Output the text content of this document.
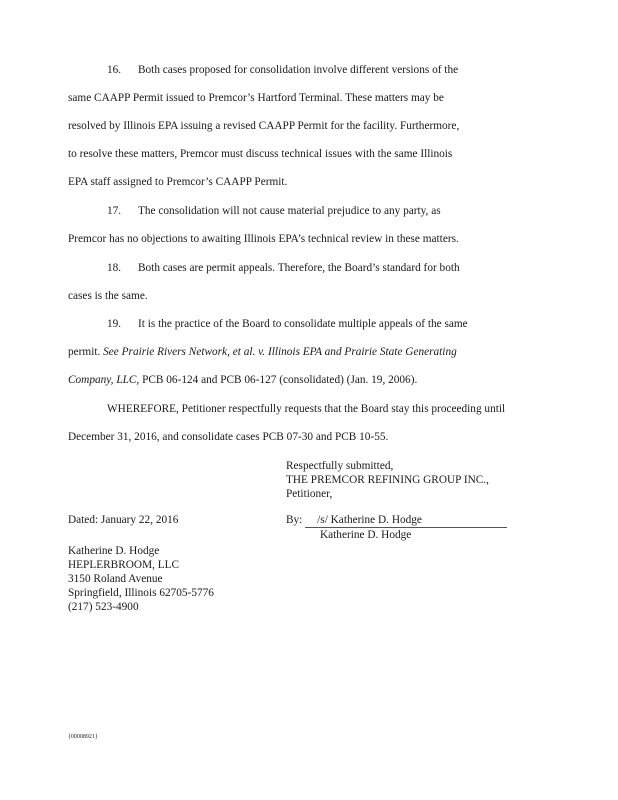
16. Both cases proposed for consolidation involve different versions of the
same CAAPP Permit issued to Premcor’s Hartford Terminal. These matters may be
resolved by Illinois EPA issuing a revised CAAPP Permit for the facility. Furthermore,
to resolve these matters, Premcor must discuss technical issues with the same Illinois
EPA staff assigned to Premcor’s CAAPP Permit.
17. The consolidation will not cause material prejudice to any party, as
Premcor has no objections to awaiting Illinois EPA’s technical review in these matters.
18. Both cases are permit appeals. Therefore, the Board’s standard for both
cases is the same.
19. It is the practice of the Board to consolidate multiple appeals of the same
permit. See Prairie Rivers Network, et al. v. Illinois EPA and Prairie State Generating
Company, LLC, PCB 06-124 and PCB 06-127 (consolidated) (Jan. 19, 2006).
WHEREFORE, Petitioner respectfully requests that the Board stay this proceeding until
December 31, 2016, and consolidate cases PCB 07-30 and PCB 10-55.
Respectfully submitted,
THE PREMCOR REFINING GROUP INC.,
Petitioner,
Dated: January 22, 2016	By: /s/ Katherine D. Hodge
Katherine D. Hodge
Katherine D. Hodge
HEPLERBROOM, LLC
3150 Roland Avenue
Springfield, Illinois 62705-5776
(217) 523-4900
{00008921}
